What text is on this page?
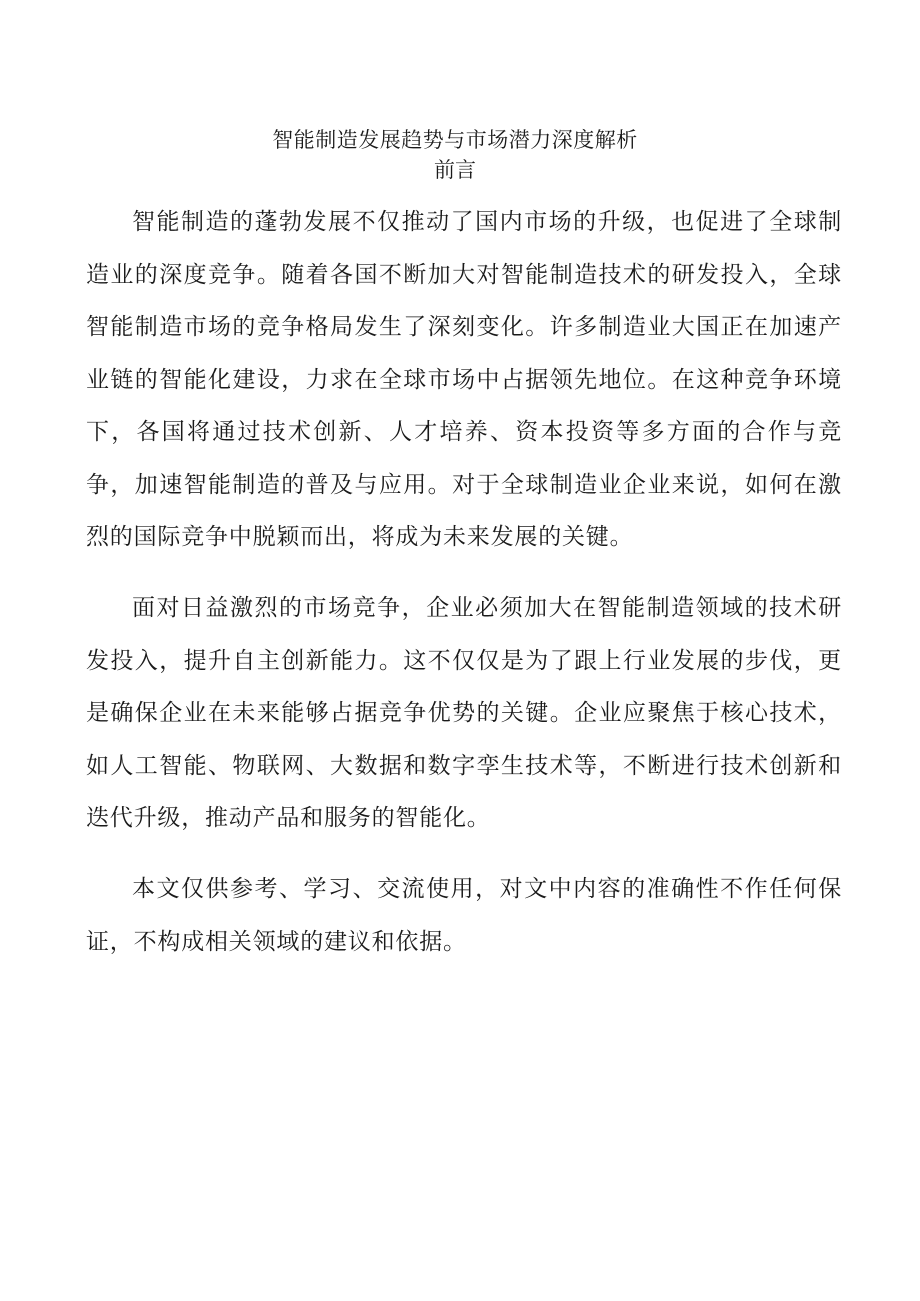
智能制造发展趋势与市场潜力深度解析
前言

智能制造的蓬勃发展不仅推动了国内市场的升级，也促进了全球制造业的深度竞争。随着各国不断加大对智能制造技术的研发投入，全球智能制造市场的竞争格局发生了深刻变化。许多制造业大国正在加速产业链的智能化建设，力求在全球市场中占据领先地位。在这种竞争环境下，各国将通过技术创新、人才培养、资本投资等多方面的合作与竞争，加速智能制造的普及与应用。对于全球制造业企业来说，如何在激烈的国际竞争中脱颖而出，将成为未来发展的关键。

面对日益激烈的市场竞争，企业必须加大在智能制造领域的技术研发投入，提升自主创新能力。这不仅仅是为了跟上行业发展的步伐，更是确保企业在未来能够占据竞争优势的关键。企业应聚焦于核心技术，如人工智能、物联网、大数据和数字孪生技术等，不断进行技术创新和迭代升级，推动产品和服务的智能化。

本文仅供参考、学习、交流使用，对文中内容的准确性不作任何保证，不构成相关领域的建议和依据。
